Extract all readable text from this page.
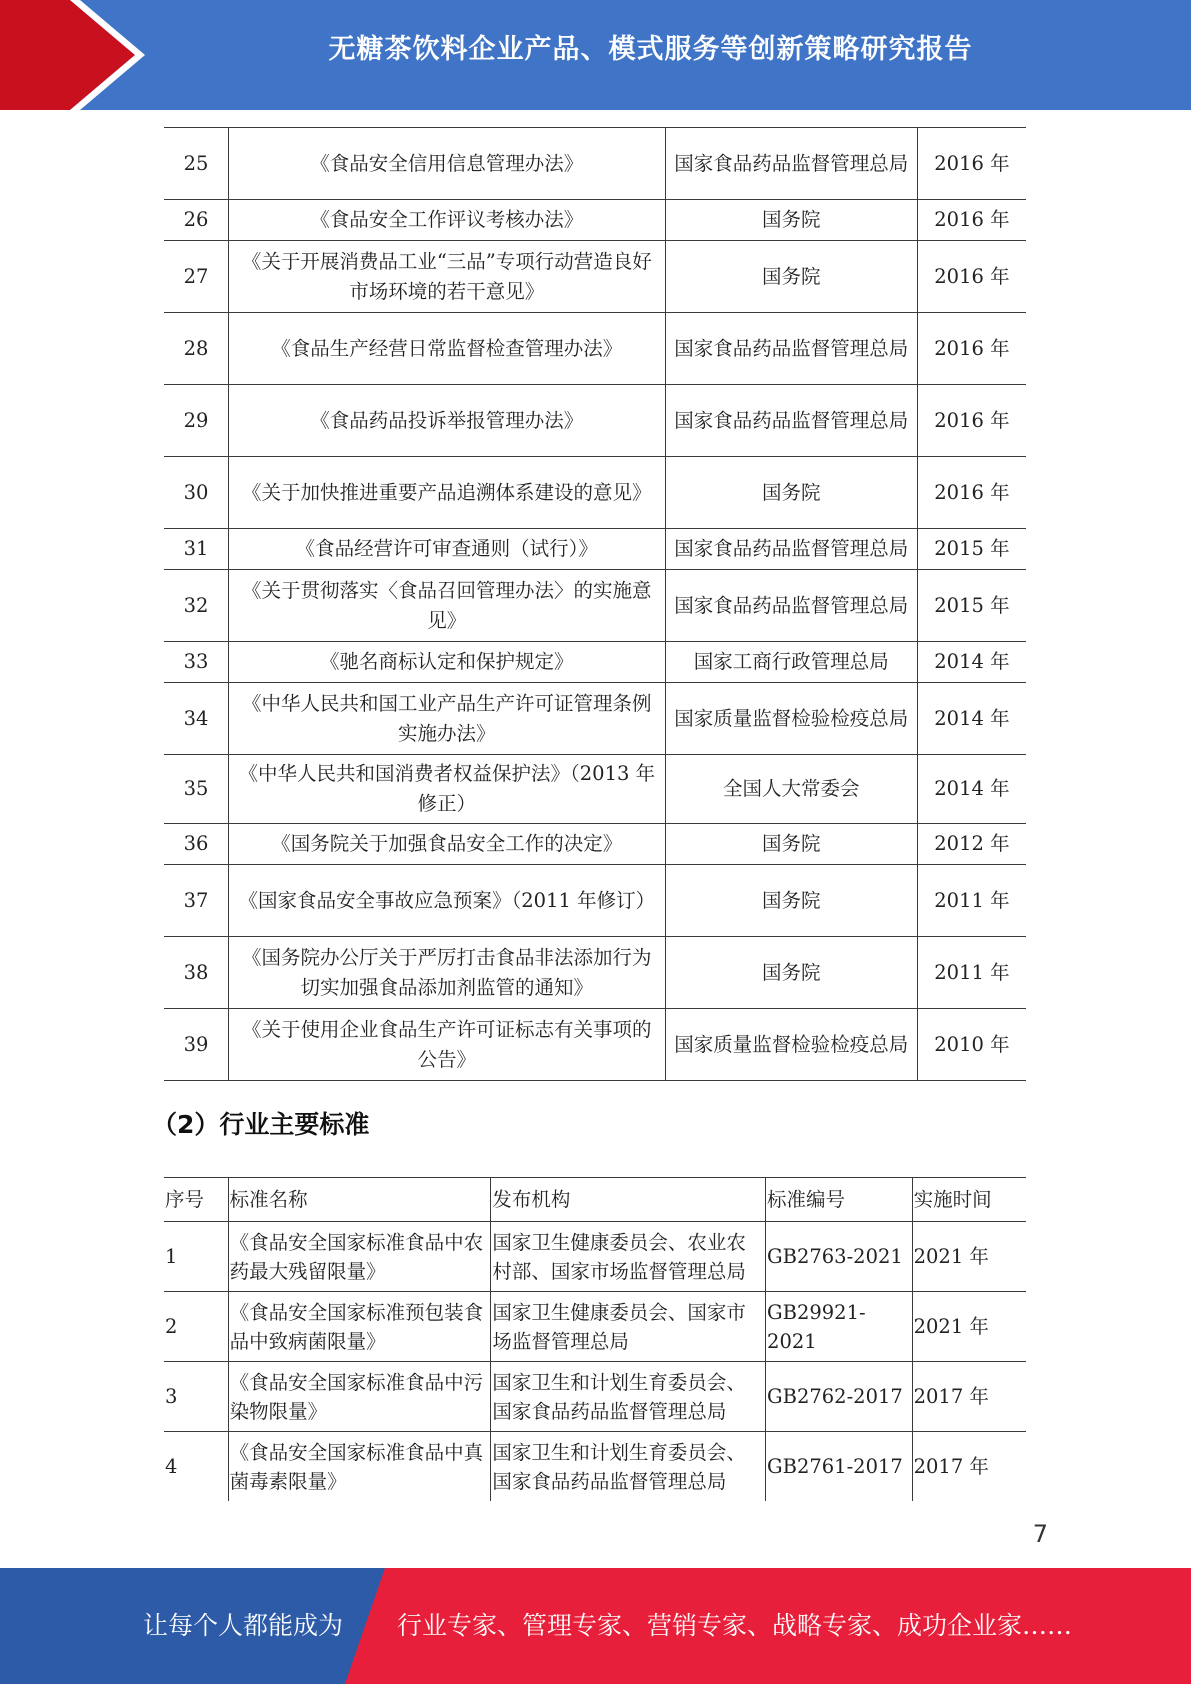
无糖茶饮料企业产品、模式服务等创新策略研究报告
25	《食品安全信用信息管理办法》	国家食品药品监督管理总局	2016 年
26	《食品安全工作评议考核办法》	国务院	2016 年
27	《关于开展消费品工业“三品”专项行动营造良好市场环境的若干意见》	国务院	2016 年
28	《食品生产经营日常监督检查管理办法》	国家食品药品监督管理总局	2016 年
29	《食品药品投诉举报管理办法》	国家食品药品监督管理总局	2016 年
30	《关于加快推进重要产品追溯体系建设的意见》	国务院	2016 年
31	《食品经营许可审查通则（试行）》	国家食品药品监督管理总局	2015 年
32	《关于贯彻落实〈食品召回管理办法〉的实施意见》	国家食品药品监督管理总局	2015 年
33	《驰名商标认定和保护规定》	国家工商行政管理总局	2014 年
34	《中华人民共和国工业产品生产许可证管理条例实施办法》	国家质量监督检验检疫总局	2014 年
35	《中华人民共和国消费者权益保护法》（2013 年修正）	全国人大常委会	2014 年
36	《国务院关于加强食品安全工作的决定》	国务院	2012 年
37	《国家食品安全事故应急预案》（2011 年修订）	国务院	2011 年
38	《国务院办公厅关于严厉打击食品非法添加行为切实加强食品添加剂监管的通知》	国务院	2011 年
39	《关于使用企业食品生产许可证标志有关事项的公告》	国家质量监督检验检疫总局	2010 年
（2）行业主要标准
序号	标准名称	发布机构	标准编号	实施时间
1	《食品安全国家标准食品中农药最大残留限量》	国家卫生健康委员会、农业农村部、国家市场监督管理总局	GB2763-2021	2021 年
2	《食品安全国家标准预包装食品中致病菌限量》	国家卫生健康委员会、国家市场监督管理总局	GB29921-2021	2021 年
3	《食品安全国家标准食品中污染物限量》	国家卫生和计划生育委员会、国家食品药品监督管理总局	GB2762-2017	2017 年
4	《食品安全国家标准食品中真菌毒素限量》	国家卫生和计划生育委员会、国家食品药品监督管理总局	GB2761-2017	2017 年
7
让每个人都能成为 行业专家、管理专家、营销专家、战略专家、成功企业家……
